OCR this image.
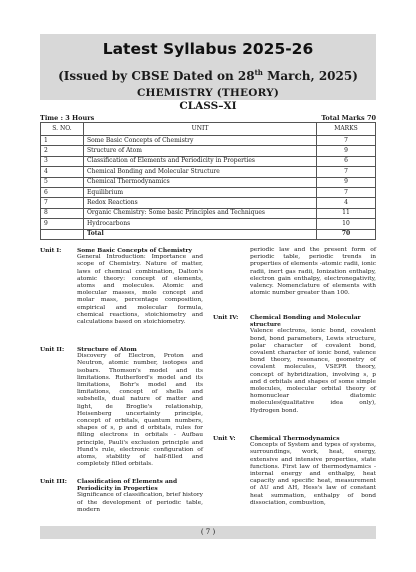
Latest Syllabus 2025-26
(Issued by CBSE Dated on 28th March, 2025)
CHEMISTRY (THEORY)
CLASS–XI
Time : 3 Hours	Total Marks 70
S. NO.	UNIT	MARKS
1	Some Basic Concepts of Chemistry	7
2	Structure of Atom	9
3	Classification of Elements and Periodicity in Properties	6
4	Chemical Bonding and Molecular Structure	7
5	Chemical Thermodynamics	9
6	Equilibrium	7
7	Redox Reactions	4
8	Organic Chemistry: Some basic Principles and Techniques	11
9	Hydrocarbons	10
	Total	70
Unit I:	Some Basic Concepts of Chemistry
General Introduction: Importance and scope of Chemistry. Nature of matter, laws of chemical combination, Dalton's atomic theory: concept of elements, atoms and molecules. Atomic and molecular masses, mole concept and molar mass, percentage composition, empirical and molecular formula, chemical reactions, stoichiometry and calculations based on stoichiometry.
Unit II: Structure of Atom
Discovery of Electron, Proton and Neutron, atomic number, isotopes and isobars. Thomson's model and its limitations. Rutherford's model and its limitations, Bohr's model and its limitations, concept of shells and subshells, dual nature of matter and light, de Broglie's relationship, Heisenberg uncertainty principle, concept of orbitals, quantum numbers, shapes of s, p and d orbitals, rules for filling electrons in orbitals - Aufbau principle, Pauli's exclusion principle and Hund's rule, electronic configuration of atoms, stability of half-filled and completely filled orbitals.
Unit III: Classification of Elements and Periodicity in Properties
Significance of classification, brief history of the development of periodic table, modern
periodic law and the present form of periodic table, periodic trends in properties of elements -atomic radii, ionic radii, inert gas radii, Ionization enthalpy, electron gain enthalpy, electronegativity, valency. Nomenclature of elements with atomic number greater than 100.
Unit IV: Chemical Bonding and Molecular structure
Valence electrons, ionic bond, covalent bond, bond parameters, Lewis structure, polar character of covalent bond, covalent character of ionic bond, valence bond theory, resonance, geometry of covalent molecules, VSEPR theory, concept of hybridization, involving s, p and d orbitals and shapes of some simple molecules, molecular orbital theory of homonuclear diatomic molecules(qualitative idea only), Hydrogen bond.
Unit V: Chemical Thermodynamics
Concepts of System and types of systems, surroundings, work, heat, energy, extensive and intensive properties, state functions. First law of thermodynamics -internal energy and enthalpy, heat capacity and specific heat, measurement of ΔU and ΔH, Hess's law of constant heat summation, enthalpy of bond dissociation, combustion,
( 7 )
